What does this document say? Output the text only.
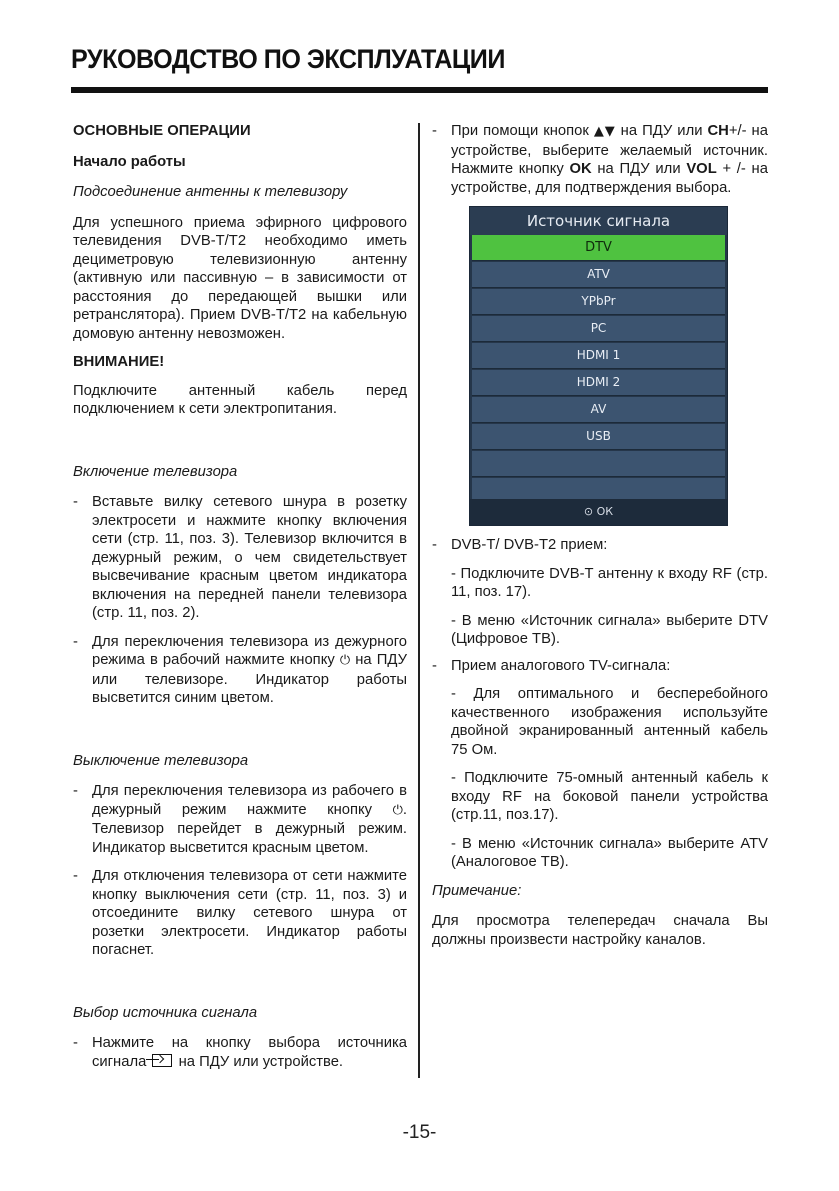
РУКОВОДСТВО ПО ЭКСПЛУАТАЦИИ

ОСНОВНЫЕ ОПЕРАЦИИ

Начало работы

Подсоединение антенны к телевизору

Для успешного приема эфирного цифрового телевидения DVB-T/T2 необходимо иметь дециметровую телевизионную антенну (активную или пассивную – в зависимости от расстояния до передающей вышки или ретранслятора). Прием DVB-T/T2 на кабельную домовую антенну невозможен.

ВНИМАНИЕ!

Подключите антенный кабель перед подключением к сети электропитания.

Включение телевизора

- Вставьте вилку сетевого шнура в розетку электросети и нажмите кнопку включения сети (стр. 11, поз. 3). Телевизор включится в дежурный режим, о чем свидетельствует высвечивание красным цветом индикатора включения на передней панели телевизора (стр. 11, поз. 2).

- Для переключения телевизора из дежурного режима в рабочий нажмите кнопку ⏻ на ПДУ или телевизоре. Индикатор работы высветится синим цветом.

Выключение телевизора

- Для переключения телевизора из рабочего в дежурный режим нажмите кнопку ⏻. Телевизор перейдет в дежурный режим. Индикатор высветится красным цветом.

- Для отключения телевизора от сети нажмите кнопку выключения сети (стр. 11, поз. 3) и отсоедините вилку сетевого шнура от розетки электросети. Индикатор работы погаснет.

Выбор источника сигнала

- Нажмите на кнопку выбора источника сигнала на ПДУ или устройстве.

- При помощи кнопок ▲▼ на ПДУ или CH+/- на устройстве, выберите желаемый источник. Нажмите кнопку OK на ПДУ или VOL + /- на устройстве, для подтверждения выбора.

Источник сигнала
DTV
ATV
YPbPr
PC
HDMI 1
HDMI 2
AV
USB
⊙ ОК

- DVB-T/ DVB-T2 прием:

- Подключите DVB-T антенну к входу RF (стр. 11, поз. 17).

- В меню «Источник сигнала» выберите DTV (Цифровое ТВ).

- Прием аналогового TV-сигнала:

- Для оптимального и бесперебойного качественного изображения используйте двойной экранированный антенный кабель 75 Ом.

- Подключите 75-омный антенный кабель к входу RF на боковой панели устройства (стр.11, поз.17).

- В меню «Источник сигнала» выберите ATV (Аналоговое ТВ).

Примечание:

Для просмотра телепередач сначала Вы должны произвести настройку каналов.

-15-
